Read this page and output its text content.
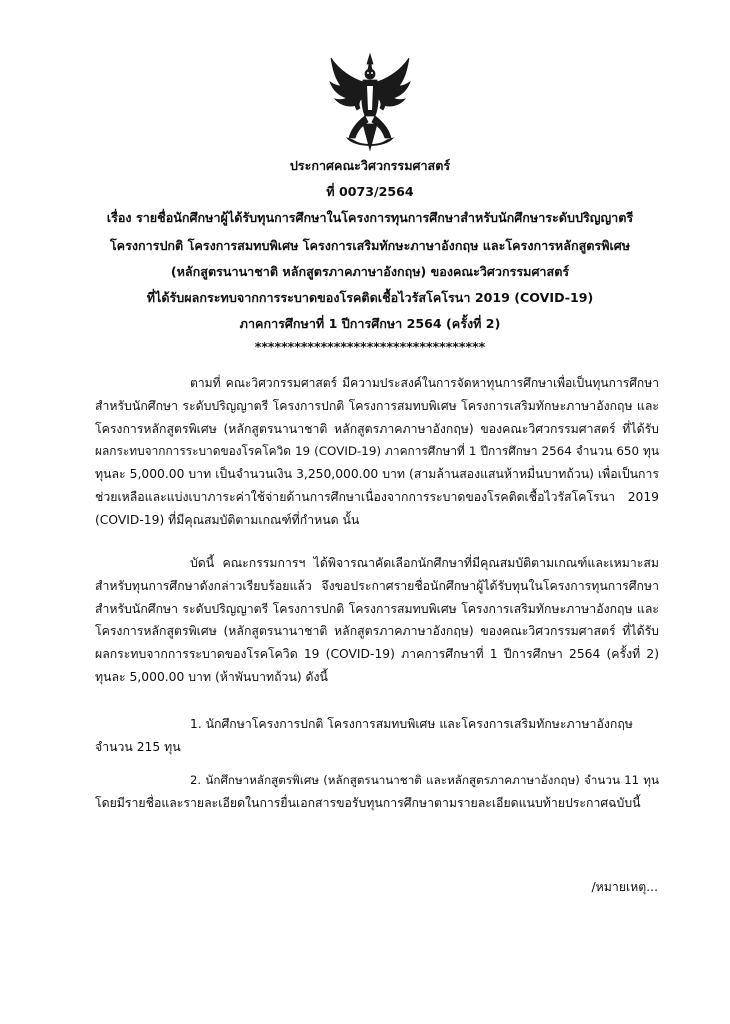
ประกาศคณะวิศวกรรมศาสตร์
ที่ 0073/2564
เรื่อง รายชื่อนักศึกษาผู้ได้รับทุนการศึกษาในโครงการทุนการศึกษาสำหรับนักศึกษาระดับปริญญาตรี
โครงการปกติ โครงการสมทบพิเศษ โครงการเสริมทักษะภาษาอังกฤษ และโครงการหลักสูตรพิเศษ
(หลักสูตรนานาชาติ หลักสูตรภาคภาษาอังกฤษ) ของคณะวิศวกรรมศาสตร์
ที่ได้รับผลกระทบจากการระบาดของโรคติดเชื้อไวรัสโคโรนา 2019 (COVID-19)
ภาคการศึกษาที่ 1 ปีการศึกษา 2564 (ครั้งที่ 2)
***********************************
ตามที่ คณะวิศวกรรมศาสตร์ มีความประสงค์ในการจัดหาทุนการศึกษาเพื่อเป็นทุนการศึกษา
สำหรับนักศึกษา ระดับปริญญาตรี โครงการปกติ โครงการสมทบพิเศษ โครงการเสริมทักษะภาษาอังกฤษ และ
โครงการหลักสูตรพิเศษ (หลักสูตรนานาชาติ หลักสูตรภาคภาษาอังกฤษ) ของคณะวิศวกรรมศาสตร์ ที่ได้รับ
ผลกระทบจากการระบาดของโรคโควิด 19 (COVID-19) ภาคการศึกษาที่ 1 ปีการศึกษา 2564 จำนวน 650 ทุน
ทุนละ 5,000.00 บาท เป็นจำนวนเงิน 3,250,000.00 บาท (สามล้านสองแสนห้าหมื่นบาทถ้วน) เพื่อเป็นการ
ช่วยเหลือและแบ่งเบาภาระค่าใช้จ่ายด้านการศึกษาเนื่องจากการระบาดของโรคติดเชื้อไวรัสโคโรนา 2019
(COVID-19) ที่มีคุณสมบัติตามเกณฑ์ที่กำหนด นั้น
บัดนี้ คณะกรรมการฯ ได้พิจารณาคัดเลือกนักศึกษาที่มีคุณสมบัติตามเกณฑ์และเหมาะสม
สำหรับทุนการศึกษาดังกล่าวเรียบร้อยแล้ว จึงขอประกาศรายชื่อนักศึกษาผู้ได้รับทุนในโครงการทุนการศึกษา
สำหรับนักศึกษา ระดับปริญญาตรี โครงการปกติ โครงการสมทบพิเศษ โครงการเสริมทักษะภาษาอังกฤษ และ
โครงการหลักสูตรพิเศษ (หลักสูตรนานาชาติ หลักสูตรภาคภาษาอังกฤษ) ของคณะวิศวกรรมศาสตร์ ที่ได้รับ
ผลกระทบจากการระบาดของโรคโควิด 19 (COVID-19) ภาคการศึกษาที่ 1 ปีการศึกษา 2564 (ครั้งที่ 2)
ทุนละ 5,000.00 บาท (ห้าพันบาทถ้วน) ดังนี้
1. นักศึกษาโครงการปกติ โครงการสมทบพิเศษ และโครงการเสริมทักษะภาษาอังกฤษ
จำนวน 215 ทุน
2. นักศึกษาหลักสูตรพิเศษ (หลักสูตรนานาชาติ และหลักสูตรภาคภาษาอังกฤษ) จำนวน 11 ทุน
โดยมีรายชื่อและรายละเอียดในการยื่นเอกสารขอรับทุนการศึกษาตามรายละเอียดแนบท้ายประกาศฉบับนี้
/หมายเหตุ...
